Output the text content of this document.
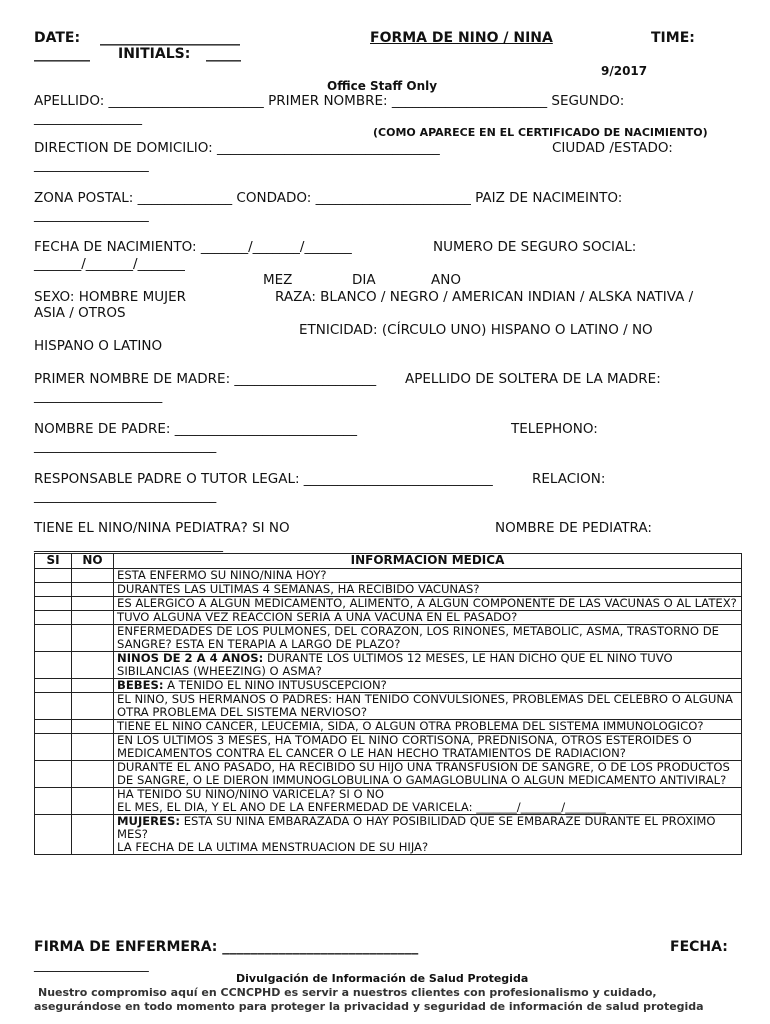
DATE: ____________________	FORMA DE NINO / NINA	TIME:
________ INITIALS: _____
9/2017
Office Staff Only
APELLIDO: _______________________ PRIMER NOMBRE: _______________________ SEGUNDO:
________________
(COMO APARECE EN EL CERTIFICADO DE NACIMIENTO)
DIRECTION DE DOMICILIO: _________________________________	CIUDAD /ESTADO:
_________________
ZONA POSTAL: ______________ CONDADO: _______________________ PAIZ DE NACIMEINTO:
_________________
FECHA DE NACIMIENTO: _______/_______/_______	NUMERO DE SEGURO SOCIAL:
_______/_______/_______
MEZ	DIA	ANO
SEXO: HOMBRE MUJER	RAZA: BLANCO / NEGRO / AMERICAN INDIAN / ALSKA NATIVA /
ASIA / OTROS
ETNICIDAD: (CÍRCULO UNO) HISPANO O LATINO / NO
HISPANO O LATINO
PRIMER NOMBRE DE MADRE: _____________________ APELLIDO DE SOLTERA DE LA MADRE:
___________________
NOMBRE DE PADRE: ___________________________	TELEPHONO:
___________________________
RESPONSABLE PADRE O TUTOR LEGAL: ____________________________	RELACION:
___________________________
TIENE EL NINO/NINA PEDIATRA? SI NO	NOMBRE DE PEDIATRA:
____________________________
SI	NO	INFORMACION MEDICA
		ESTA ENFERMO SU NINO/NINA HOY?
		DURANTES LAS ULTIMAS 4 SEMANAS, HA RECIBIDO VACUNAS?
		ES ALERGICO A ALGUN MEDICAMENTO, ALIMENTO, A ALGUN COMPONENTE DE LAS VACUNAS O AL LATEX?
		TUVO ALGUNA VEZ REACCION SERIA A UNA VACUNA EN EL PASADO?
		ENFERMEDADES DE LOS PULMONES, DEL CORAZON, LOS RINONES, METABOLIC, ASMA, TRASTORNO DE SANGRE? ESTA EN TERAPIA A LARGO DE PLAZO?
		NINOS DE 2 A 4 ANOS: DURANTE LOS ULTIMOS 12 MESES, LE HAN DICHO QUE EL NINO TUVO SIBILANCIAS (WHEEZING) O ASMA?
		BEBES: A TENIDO EL NINO INTUSUSCEPCION?
		EL NINO, SUS HERMANOS O PADRES: HAN TENIDO CONVULSIONES, PROBLEMAS DEL CELEBRO O ALGUNA OTRA PROBLEMA DEL SISTEMA NERVIOSO?
		TIENE EL NINO CANCER, LEUCEMIA, SIDA, O ALGUN OTRA PROBLEMA DEL SISTEMA IMMUNOLOGICO?
		EN LOS ULTIMOS 3 MESES, HA TOMADO EL NINO CORTISONA, PREDNISONA, OTROS ESTEROIDES O MEDICAMENTOS CONTRA EL CANCER O LE HAN HECHO TRATAMIENTOS DE RADIACION?
		DURANTE EL ANO PASADO, HA RECIBIDO SU HIJO UNA TRANSFUSION DE SANGRE, O DE LOS PRODUCTOS DE SANGRE, O LE DIERON IMMUNOGLOBULINA O GAMAGLOBULINA O ALGUN MEDICAMENTO ANTIVIRAL?
		HA TENIDO SU NINO/NINO VARICELA? SI O NO
EL MES, EL DIA, Y EL ANO DE LA ENFERMEDAD DE VARICELA: _______/_______/_______
		MUJERES: ESTA SU NINA EMBARAZADA O HAY POSIBILIDAD QUE SE EMBARAZE DURANTE EL PROXIMO MES?
LA FECHA DE LA ULTIMA MENSTRUACION DE SU HIJA?
FIRMA DE ENFERMERA: ____________________________	FECHA:
_________________
Divulgación de Información de Salud Protegida
Nuestro compromiso aquí en CCNCPHD es servir a nuestros clientes con profesionalismo y cuidado,
asegurándose en todo momento para proteger la privacidad y seguridad de información de salud protegida
